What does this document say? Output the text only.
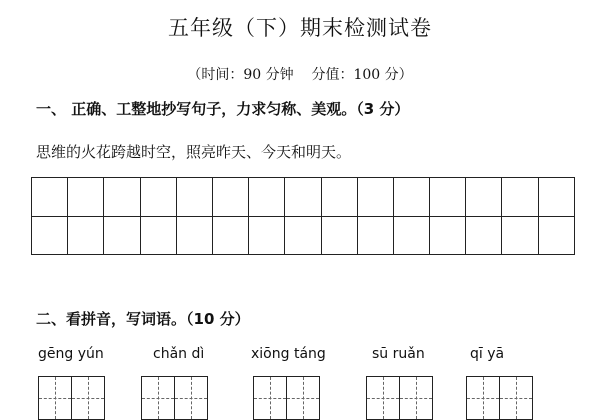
五年级（下）期末检测试卷
（时间：90 分钟    分值：100 分）
一、 正确、工整地抄写句子，力求匀称、美观。（3 分）
思维的火花跨越时空，照亮昨天、今天和明天。
二、看拼音，写词语。（10 分）
gēng yún	chǎn dì	xiōng táng	sū ruǎn	qī yā
